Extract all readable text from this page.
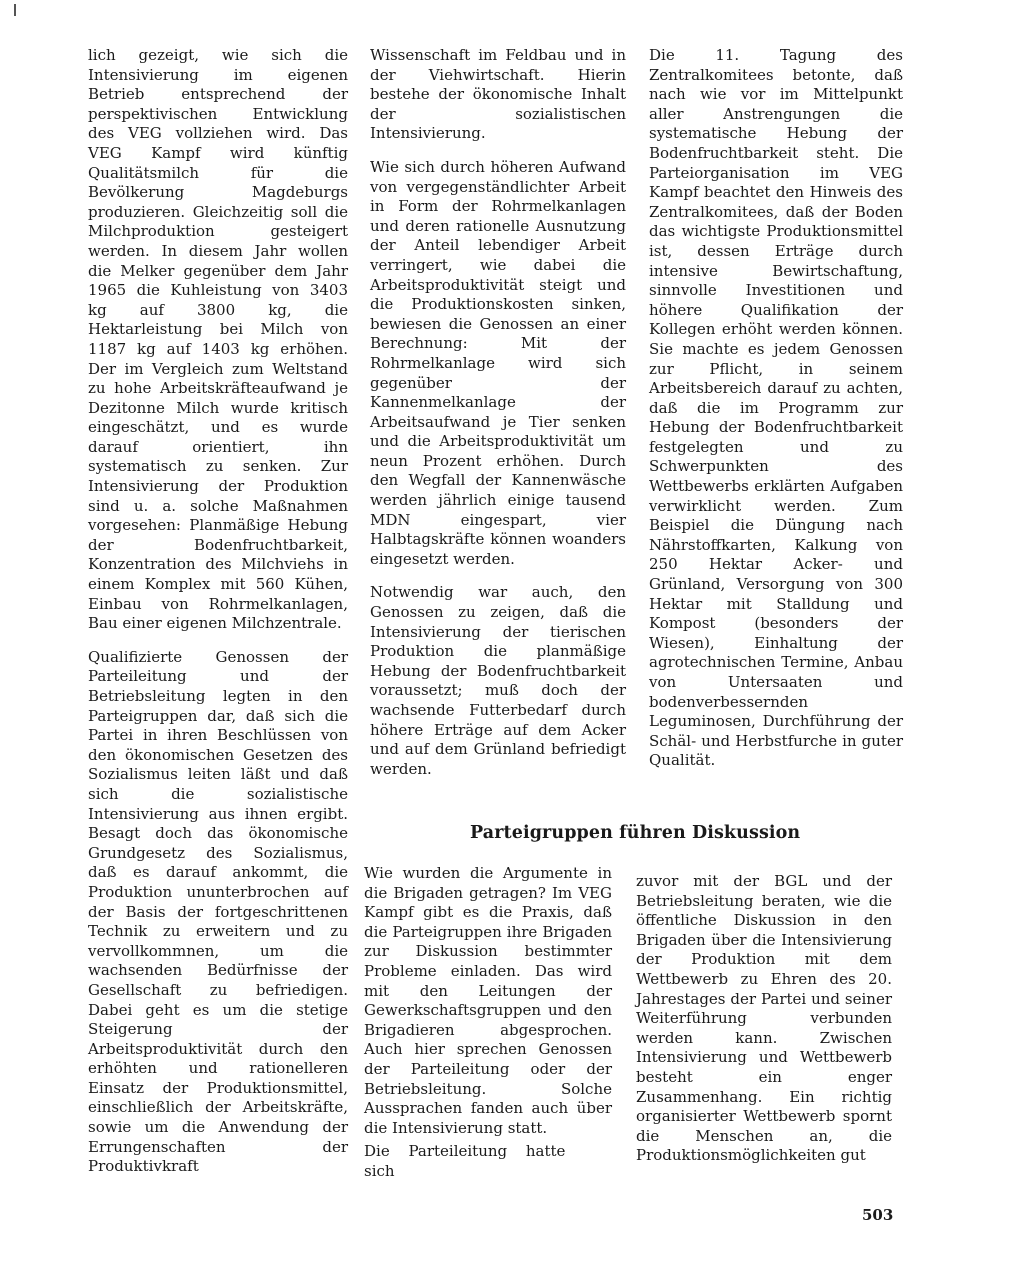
lich gezeigt, wie sich die Intensivierung im eigenen Betrieb entsprechend der perspektivischen Entwicklung des VEG vollziehen wird. Das VEG Kampf wird künftig Qualitätsmilch für die Bevölkerung Magdeburgs produzieren. Gleichzeitig soll die Milchproduktion gesteigert werden. In diesem Jahr wollen die Melker gegenüber dem Jahr 1965 die Kuhleistung von 3403 kg auf 3800 kg, die Hektarleistung bei Milch von 1187 kg auf 1403 kg erhöhen. Der im Vergleich zum Weltstand zu hohe Arbeitskräfteaufwand je Dezitonne Milch wurde kritisch eingeschätzt, und es wurde darauf orientiert, ihn systematisch zu senken. Zur Intensivierung der Produktion sind u. a. solche Maßnahmen vorgesehen: Planmäßige Hebung der Bodenfruchtbarkeit, Konzentration des Milchviehs in einem Komplex mit 560 Kühen, Einbau von Rohrmelkanlagen, Bau einer eigenen Milchzentrale.

Qualifizierte Genossen der Parteileitung und der Betriebsleitung legten in den Parteigruppen dar, daß sich die Partei in ihren Beschlüssen von den ökonomischen Gesetzen des Sozialismus leiten läßt und daß sich die sozialistische Intensivierung aus ihnen ergibt. Besagt doch das ökonomische Grundgesetz des Sozialismus, daß es darauf ankommt, die Produktion ununterbrochen auf der Basis der fortgeschrittenen Technik zu erweitern und zu vervollkommnen, um die wachsenden Bedürfnisse der Gesellschaft zu befriedigen. Dabei geht es um die stetige Steigerung der Arbeitsproduktivität durch den erhöhten und rationelleren Einsatz der Produktionsmittel, einschließlich der Arbeitskräfte, sowie um die Anwendung der Errungenschaften der Produktivkraft

Wissenschaft im Feldbau und in der Viehwirtschaft. Hierin bestehe der ökonomische Inhalt der sozialistischen Intensivierung.

Wie sich durch höheren Aufwand von vergegenständlichter Arbeit in Form der Rohrmelkanlagen und deren rationelle Ausnutzung der Anteil lebendiger Arbeit verringert, wie dabei die Arbeitsproduktivität steigt und die Produktionskosten sinken, bewiesen die Genossen an einer Berechnung: Mit der Rohrmelkanlage wird sich gegenüber der Kannenmelkanlage der Arbeitsaufwand je Tier senken und die Arbeitsproduktivität um neun Prozent erhöhen. Durch den Wegfall der Kannenwäsche werden jährlich einige tausend MDN eingespart, vier Halbtagskräfte können woanders eingesetzt werden.

Notwendig war auch, den Genossen zu zeigen, daß die Intensivierung der tierischen Produktion die planmäßige Hebung der Bodenfruchtbarkeit voraussetzt; muß doch der wachsende Futterbedarf durch höhere Erträge auf dem Acker und auf dem Grünland befriedigt werden.

Die 11. Tagung des Zentralkomitees betonte, daß nach wie vor im Mittelpunkt aller Anstrengungen die systematische Hebung der Bodenfruchtbarkeit steht. Die Parteiorganisation im VEG Kampf beachtet den Hinweis des Zentralkomitees, daß der Boden das wichtigste Produktionsmittel ist, dessen Erträge durch intensive Bewirtschaftung, sinnvolle Investitionen und höhere Qualifikation der Kollegen erhöht werden können. Sie machte es jedem Genossen zur Pflicht, in seinem Arbeitsbereich darauf zu achten, daß die im Programm zur Hebung der Bodenfruchtbarkeit festgelegten und zu Schwerpunkten des Wettbewerbs erklärten Aufgaben verwirklicht werden. Zum Beispiel die Düngung nach Nährstoffkarten, Kalkung von 250 Hektar Acker- und Grünland, Versorgung von 300 Hektar mit Stalldung und Kompost (besonders der Wiesen), Einhaltung der agrotechnischen Termine, Anbau von Untersaaten und bodenverbessernden Leguminosen, Durchführung der Schäl- und Herbstfurche in guter Qualität.

Parteigruppen führen Diskussion

Wie wurden die Argumente in die Brigaden getragen? Im VEG Kampf gibt es die Praxis, daß die Parteigruppen ihre Brigaden zur Diskussion bestimmter Probleme einladen. Das wird mit den Leitungen der Gewerkschaftsgruppen und den Brigadieren abgesprochen. Auch hier sprechen Genossen der Parteileitung oder der Betriebsleitung. Solche Aussprachen fanden auch über die Intensivierung statt.

Die Parteileitung hatte sich

zuvor mit der BGL und der Betriebsleitung beraten, wie die öffentliche Diskussion in den Brigaden über die Intensivierung der Produktion mit dem Wettbewerb zu Ehren des 20. Jahrestages der Partei und seiner Weiterführung verbunden werden kann. Zwischen Intensivierung und Wettbewerb besteht ein enger Zusammenhang. Ein richtig organisierter Wettbewerb spornt die Menschen an, die Produktionsmöglichkeiten gut

503
